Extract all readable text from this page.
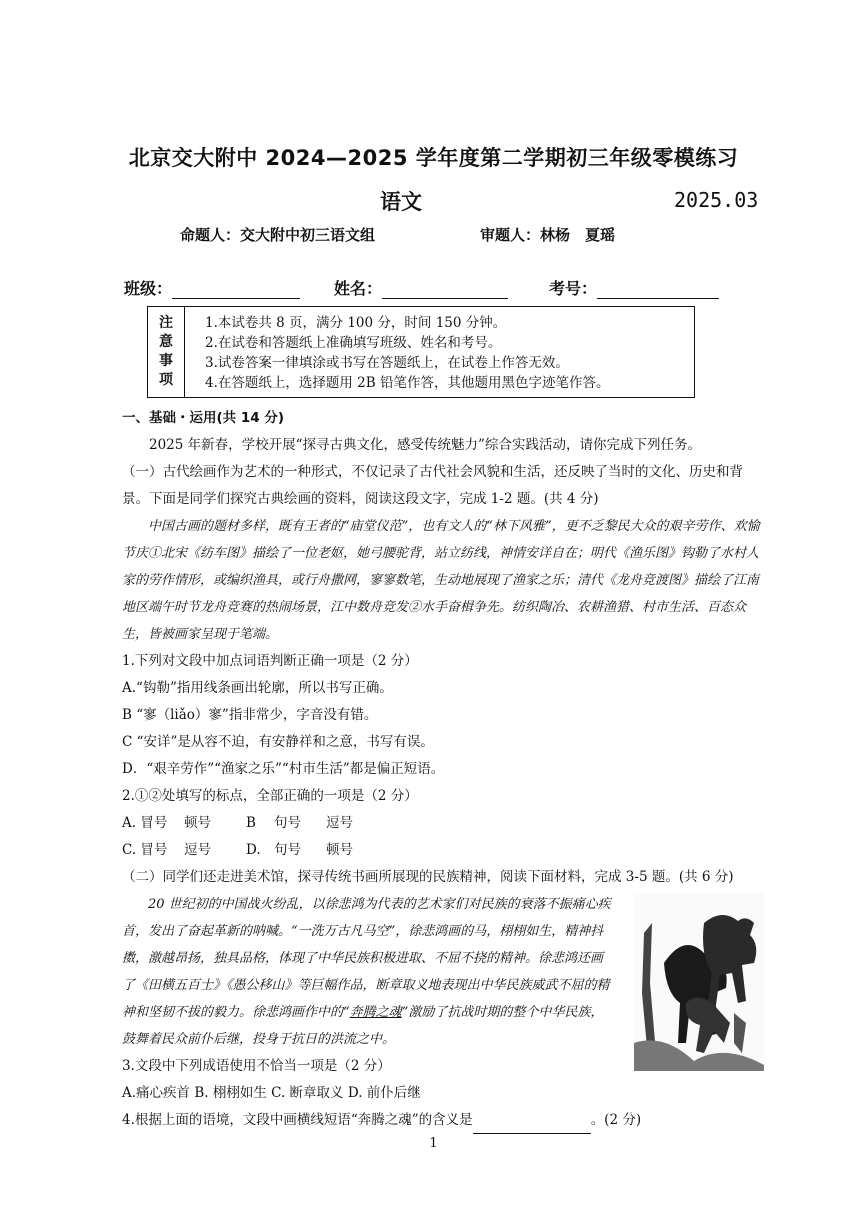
北京交大附中 2024—2025 学年度第二学期初三年级零模练习
语文	2025.03
命题人：交大附中初三语文组	审题人：林杨　夏瑶
班级：	姓名：	考号：
注
意
事
项
1.本试卷共 8 页，满分 100 分，时间 150 分钟。
2.在试卷和答题纸上准确填写班级、姓名和考号。
3.试卷答案一律填涂或书写在答题纸上，在试卷上作答无效。
4.在答题纸上，选择题用 2B 铅笔作答，其他题用黑色字迹笔作答。

一、基础・运用(共 14 分)

2025 年新春，学校开展“探寻古典文化，感受传统魅力”综合实践活动，请你完成下列任务。

（一）古代绘画作为艺术的一种形式，不仅记录了古代社会风貌和生活，还反映了当时的文化、历史和背景。下面是同学们探究古典绘画的资料，阅读这段文字，完成 1-2 题。(共 4 分)

中国古画的题材多样，既有王者的“庙堂仪范”，也有文人的“林下风雅”，更不乏黎民大众的艰辛劳作、欢愉节庆①北宋《纺车图》描绘了一位老妪，她弓腰驼背，站立纺线，神情安详自在；明代《渔乐图》钩勒了水村人家的劳作情形，或编织渔具，或行舟撒网，寥寥数笔，生动地展现了渔家之乐；清代《龙舟竞渡图》描绘了江南地区端午时节龙舟竞赛的热闹场景，江中数舟竞发②水手奋楫争先。纺织陶冶、农耕渔猎、村市生活、百态众生，皆被画家呈现于笔端。

1.下列对文段中加点词语判断正确一项是（2 分）

A.“钩勒”指用线条画出轮廓，所以书写正确。

B “寥（liǎo）寥”指非常少，字音没有错。

C “安详”是从容不迫，有安静祥和之意，书写有误。

D．“艰辛劳作”“渔家之乐”“村市生活”都是偏正短语。

2.①②处填写的标点，全部正确的一项是（2 分）

A. 冒号	顿号	B	句号	逗号

C. 冒号	逗号	D. 句号	顿号

（二）同学们还走进美术馆，探寻传统书画所展现的民族精神，阅读下面材料，完成 3-5 题。(共 6 分)

20 世纪初的中国战火纷乱，以徐悲鸿为代表的艺术家们对民族的衰落不振痛心疾首，发出了奋起革新的呐喊。“一洗万古凡马空”，徐悲鸿画的马，栩栩如生，精神抖擞，激越昂扬，独具品格，体现了中华民族积极进取、不屈不挠的精神。徐悲鸿还画了《田横五百士》《愚公移山》等巨幅作品，断章取义地表现出中华民族威武不屈的精神和坚韧不拔的毅力。徐悲鸿画作中的“奔腾之魂”激励了抗战时期的整个中华民族，鼓舞着民众前仆后继，投身于抗日的洪流之中。

3.文段中下列成语使用不恰当一项是（2 分）

A.痛心疾首 B. 栩栩如生 C. 断章取义 D. 前仆后继

4.根据上面的语境，文段中画横线短语“奔腾之魂”的含义是	。(2 分)

1
